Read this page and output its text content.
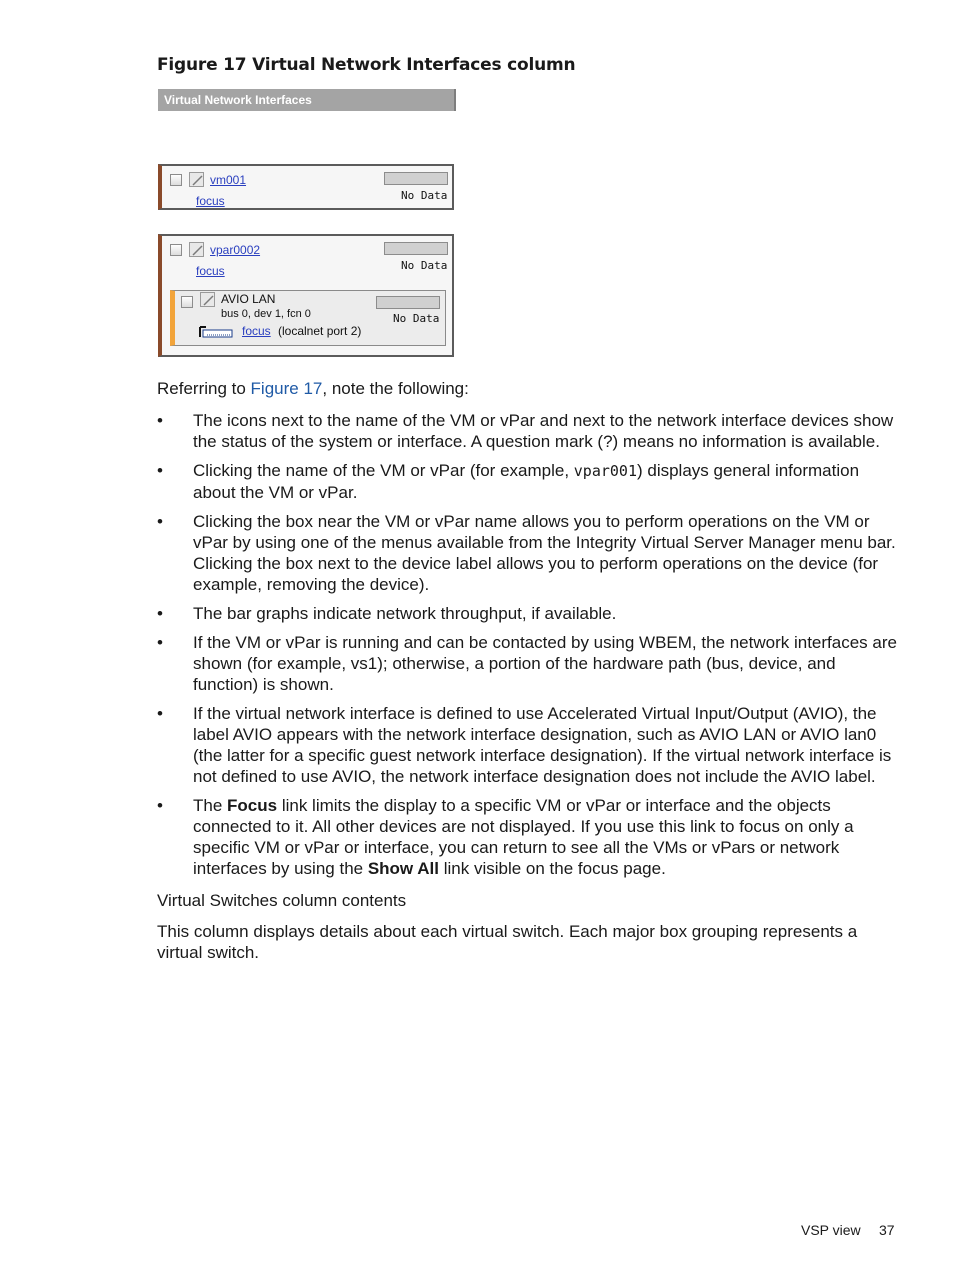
Figure 17 Virtual Network Interfaces column
Virtual Network Interfaces
vm001
focus	No Data
vpar0002
focus	No Data
AVIO LAN
bus 0, dev 1, fcn 0
focus (localnet port 2)
No Data
Referring to Figure 17, note the following:
• The icons next to the name of the VM or vPar and next to the network interface devices show the status of the system or interface. A question mark (?) means no information is available.
• Clicking the name of the VM or vPar (for example, vpar001) displays general information about the VM or vPar.
• Clicking the box near the VM or vPar name allows you to perform operations on the VM or vPar by using one of the menus available from the Integrity Virtual Server Manager menu bar. Clicking the box next to the device label allows you to perform operations on the device (for example, removing the device).
• The bar graphs indicate network throughput, if available.
• If the VM or vPar is running and can be contacted by using WBEM, the network interfaces are shown (for example, vs1); otherwise, a portion of the hardware path (bus, device, and function) is shown.
• If the virtual network interface is defined to use Accelerated Virtual Input/Output (AVIO), the label AVIO appears with the network interface designation, such as AVIO LAN or AVIO lan0 (the latter for a specific guest network interface designation). If the virtual network interface is not defined to use AVIO, the network interface designation does not include the AVIO label.
• The Focus link limits the display to a specific VM or vPar or interface and the objects connected to it. All other devices are not displayed. If you use this link to focus on only a specific VM or vPar or interface, you can return to see all the VMs or vPars or network interfaces by using the Show All link visible on the focus page.
Virtual Switches column contents
This column displays details about each virtual switch. Each major box grouping represents a virtual switch.
VSP view 37
